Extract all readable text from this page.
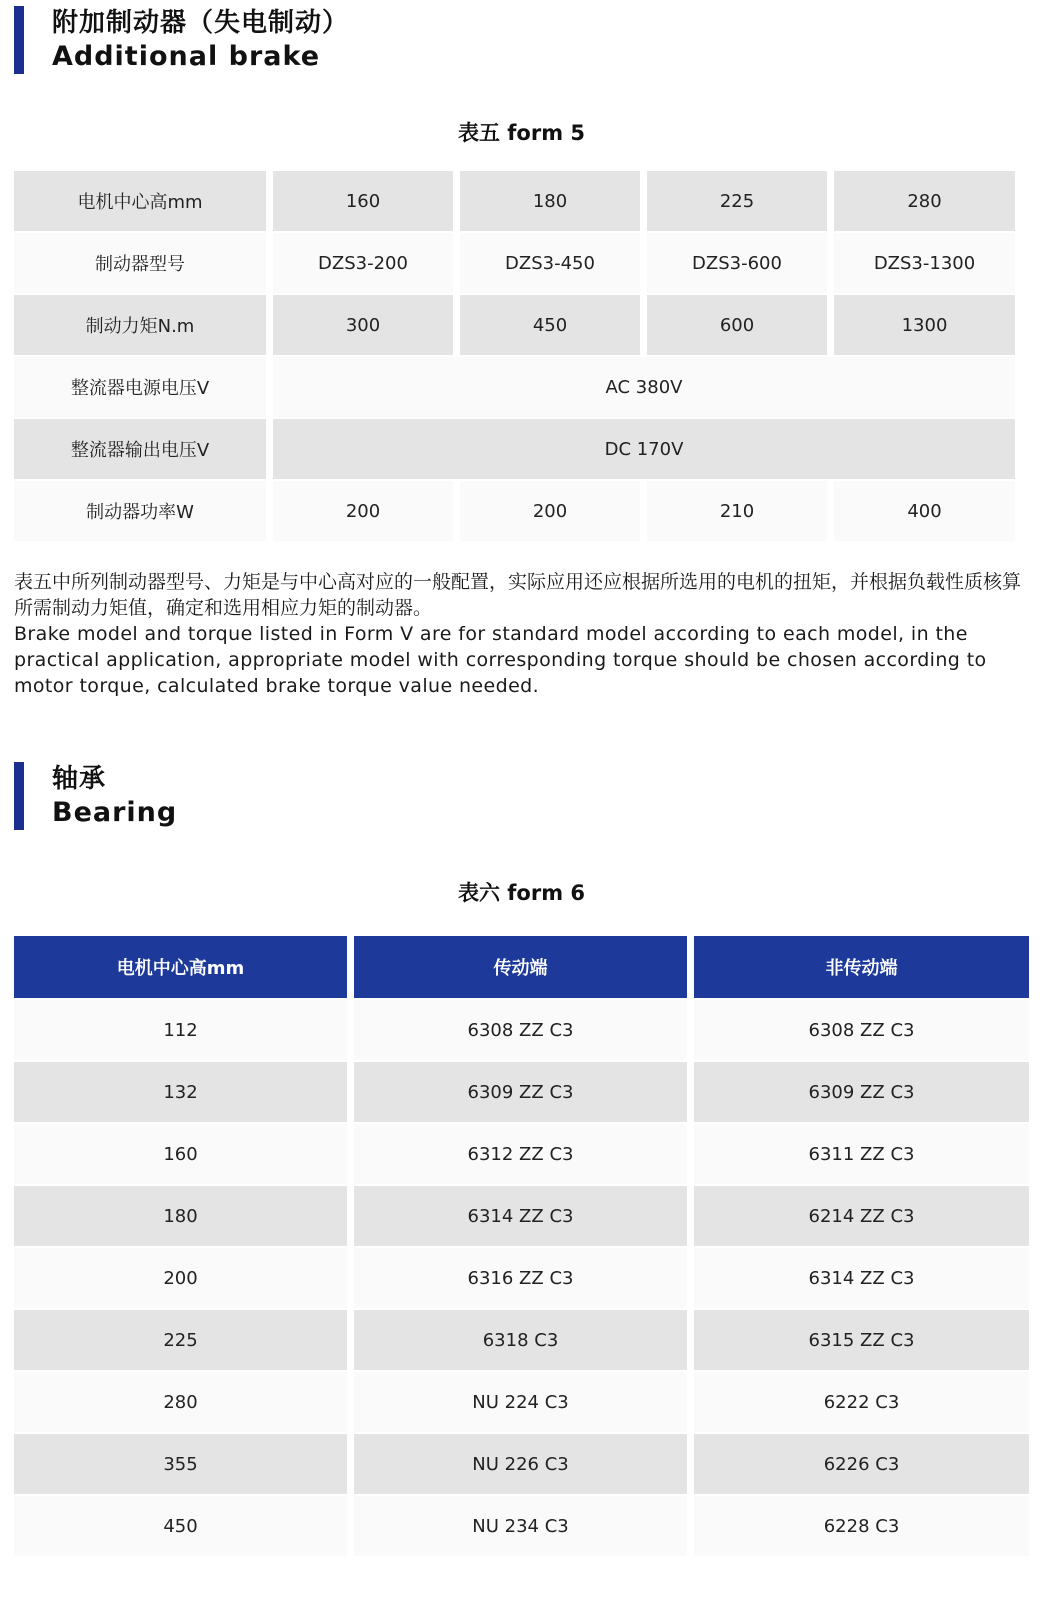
附加制动器（失电制动）
Additional brake
表五 form 5
电机中心高mm	160	180	225	280
制动器型号	DZS3-200	DZS3-450	DZS3-600	DZS3-1300
制动力矩N.m	300	450	600	1300
整流器电源电压V	AC 380V
整流器输出电压V	DC 170V
制动器功率W	200	200	210	400

表五中所列制动器型号、力矩是与中心高对应的一般配置，实际应用还应根据所选用的电机的扭矩，并根据负载性质核算所需制动力矩值，确定和选用相应力矩的制动器。

Brake model and torque listed in Form V are for standard model according to each model, in the practical application, appropriate model with corresponding torque should be chosen according to motor torque, calculated brake torque value needed.

轴承
Bearing
表六 form 6
电机中心高mm	传动端	非传动端
112	6308 ZZ C3	6308 ZZ C3
132	6309 ZZ C3	6309 ZZ C3
160	6312 ZZ C3	6311 ZZ C3
180	6314 ZZ C3	6214 ZZ C3
200	6316 ZZ C3	6314 ZZ C3
225	6318 C3	6315 ZZ C3
280	NU 224 C3	6222 C3
355	NU 226 C3	6226 C3
450	NU 234 C3	6228 C3
